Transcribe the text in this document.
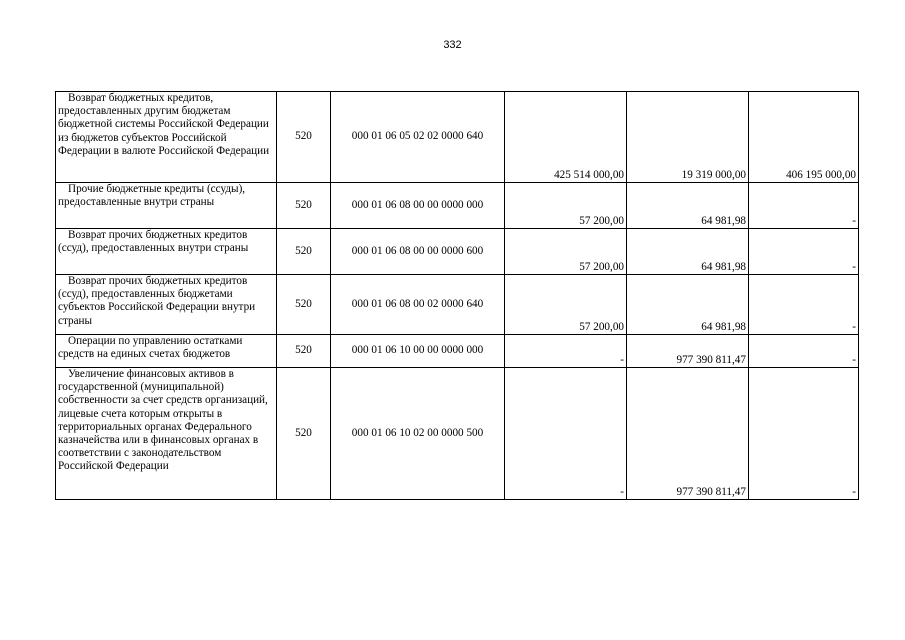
332
Возврат бюджетных кредитов, предоставленных другим бюджетам бюджетной системы Российской Федерации из бюджетов субъектов Российской Федерации в валюте Российской Федерации	520	000 01 06 05 02 02 0000 640	425 514 000,00	19 319 000,00	406 195 000,00
Прочие бюджетные кредиты (ссуды), предоставленные внутри страны	520	000 01 06 08 00 00 0000 000	57 200,00	64 981,98	-
Возврат прочих бюджетных кредитов (ссуд), предоставленных внутри страны	520	000 01 06 08 00 00 0000 600	57 200,00	64 981,98	-
Возврат прочих бюджетных кредитов (ссуд), предоставленных бюджетами субъектов Российской Федерации внутри страны	520	000 01 06 08 00 02 0000 640	57 200,00	64 981,98	-
Операции по управлению остатками средств на единых счетах бюджетов	520	000 01 06 10 00 00 0000 000	-	977 390 811,47	-
Увеличение финансовых активов в государственной (муниципальной) собственности за счет средств организаций, лицевые счета которым открыты в территориальных органах Федерального казначейства или в финансовых органах в соответствии с законодательством Российской Федерации	520	000 01 06 10 02 00 0000 500	-	977 390 811,47	-
